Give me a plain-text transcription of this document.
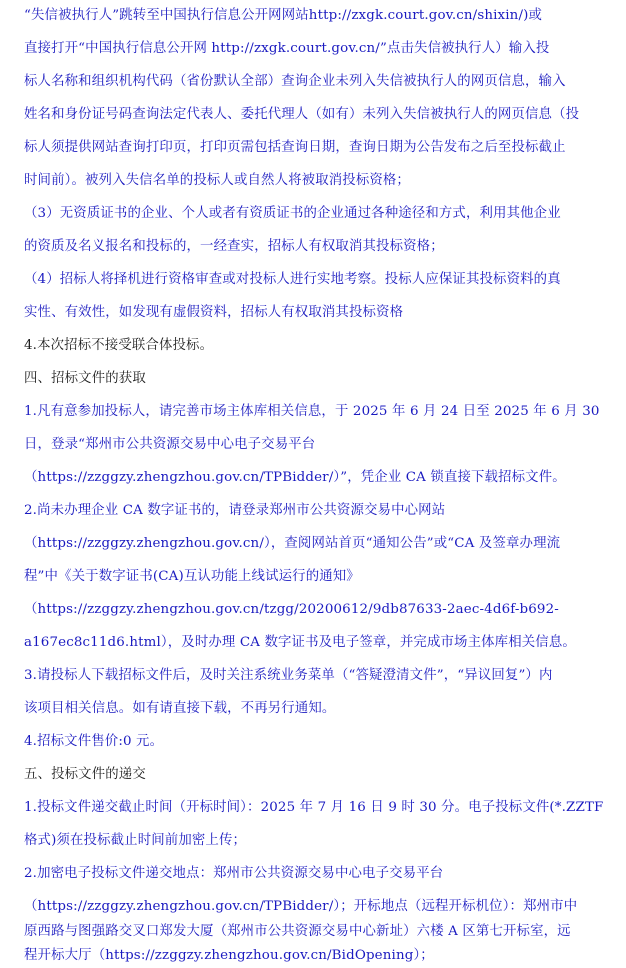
“失信被执行人”跳转至中国执行信息公开网网站http://zxgk.court.gov.cn/shixin/)或
直接打开“中国执行信息公开网 http://zxgk.court.gov.cn/”点击失信被执行人）输入投
标人名称和组织机构代码（省份默认全部）查询企业未列入失信被执行人的网页信息，输入
姓名和身份证号码查询法定代表人、委托代理人（如有）未列入失信被执行人的网页信息（投
标人须提供网站查询打印页，打印页需包括查询日期，查询日期为公告发布之后至投标截止
时间前）。被列入失信名单的投标人或自然人将被取消投标资格；
（3）无资质证书的企业、个人或者有资质证书的企业通过各种途径和方式，利用其他企业
的资质及名义报名和投标的，一经查实，招标人有权取消其投标资格；
（4）招标人将择机进行资格审查或对投标人进行实地考察。投标人应保证其投标资料的真
实性、有效性，如发现有虚假资料，招标人有权取消其投标资格
4.本次招标不接受联合体投标。
四、招标文件的获取
1.凡有意参加投标人，请完善市场主体库相关信息，于 2025 年 6 月 24 日至 2025 年 6 月 30
日，登录“郑州市公共资源交易中心电子交易平台
（https://zzggzy.zhengzhou.gov.cn/TPBidder/）”，凭企业 CA 锁直接下载招标文件。
2.尚未办理企业 CA 数字证书的，请登录郑州市公共资源交易中心网站
（https://zzggzy.zhengzhou.gov.cn/），查阅网站首页“通知公告”或“CA 及签章办理流
程”中《关于数字证书(CA)互认功能上线试运行的通知》
（https://zzggzy.zhengzhou.gov.cn/tzgg/20200612/9db87633-2aec-4d6f-b692-
a167ec8c11d6.html），及时办理 CA 数字证书及电子签章，并完成市场主体库相关信息。
3.请投标人下载招标文件后，及时关注系统业务菜单（“答疑澄清文件”，“异议回复”）内
该项目相关信息。如有请直接下载，不再另行通知。
4.招标文件售价:0 元。
五、投标文件的递交
1.投标文件递交截止时间（开标时间）：2025 年 7 月 16 日 9 时 30 分。电子投标文件(*.ZZTF
格式)须在投标截止时间前加密上传；
2.加密电子投标文件递交地点：郑州市公共资源交易中心电子交易平台
（https://zzggzy.zhengzhou.gov.cn/TPBidder/）；开标地点（远程开标机位）：郑州市中
原西路与图强路交叉口郑发大厦（郑州市公共资源交易中心新址）六楼 A 区第七开标室，远
程开标大厅（https://zzggzy.zhengzhou.gov.cn/BidOpening）；
